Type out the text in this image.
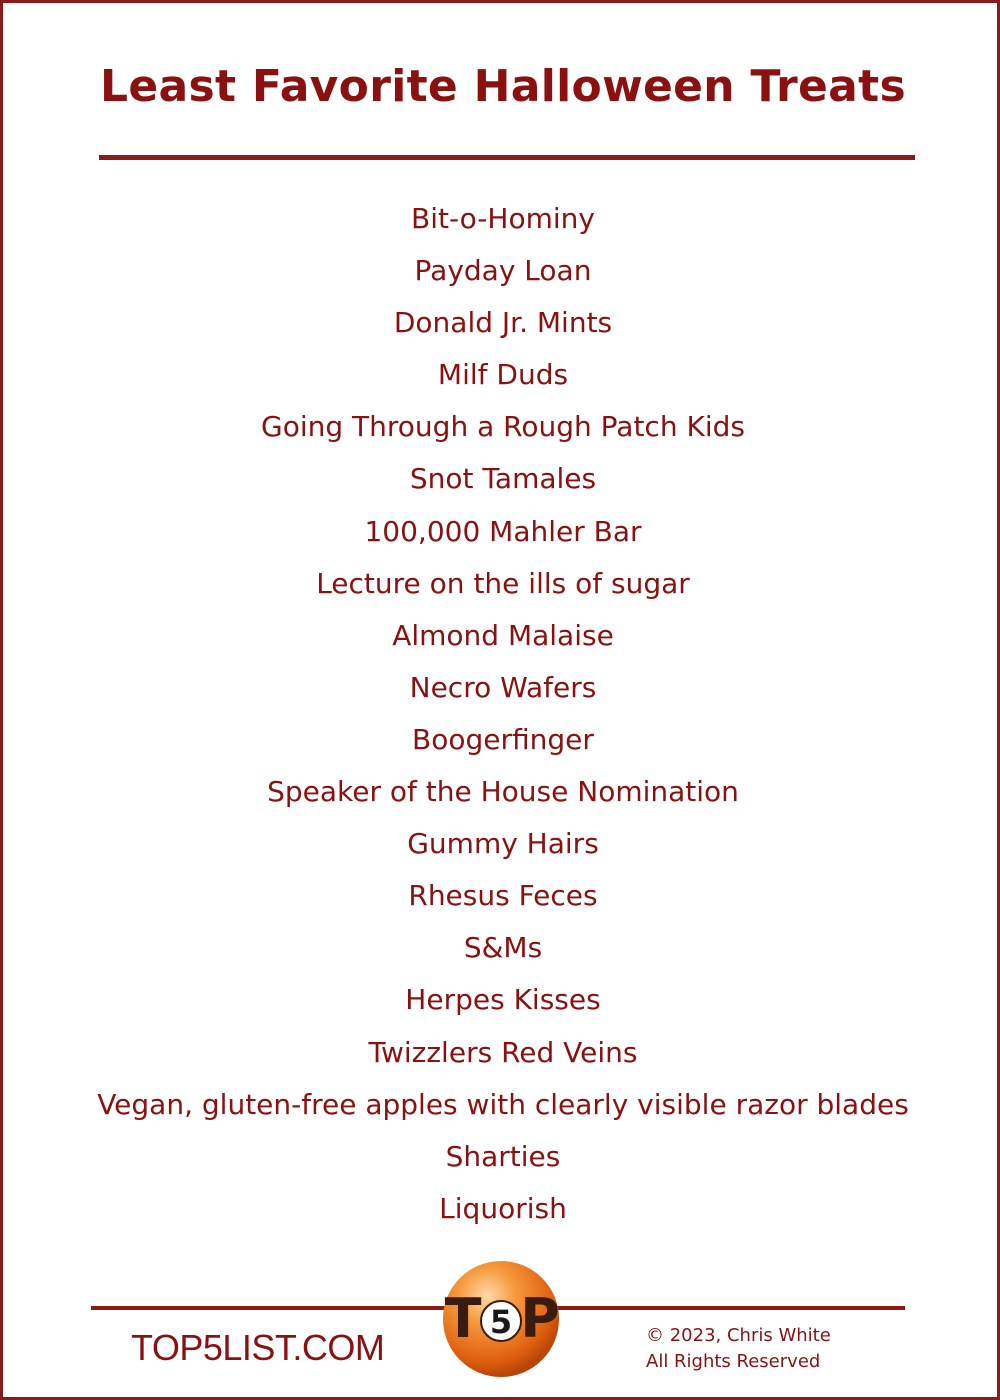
Least Favorite Halloween Treats
Bit-o-Hominy
Payday Loan
Donald Jr. Mints
Milf Duds
Going Through a Rough Patch Kids
Snot Tamales
100,000 Mahler Bar
Lecture on the ills of sugar
Almond Malaise
Necro Wafers
Boogerfinger
Speaker of the House Nomination
Gummy Hairs
Rhesus Feces
S&Ms
Herpes Kisses
Twizzlers Red Veins
Vegan, gluten-free apples with clearly visible razor blades
Sharties
Liquorish
TOP5LIST.COM T 5 P	© 2023, Chris White
All Rights Reserved
